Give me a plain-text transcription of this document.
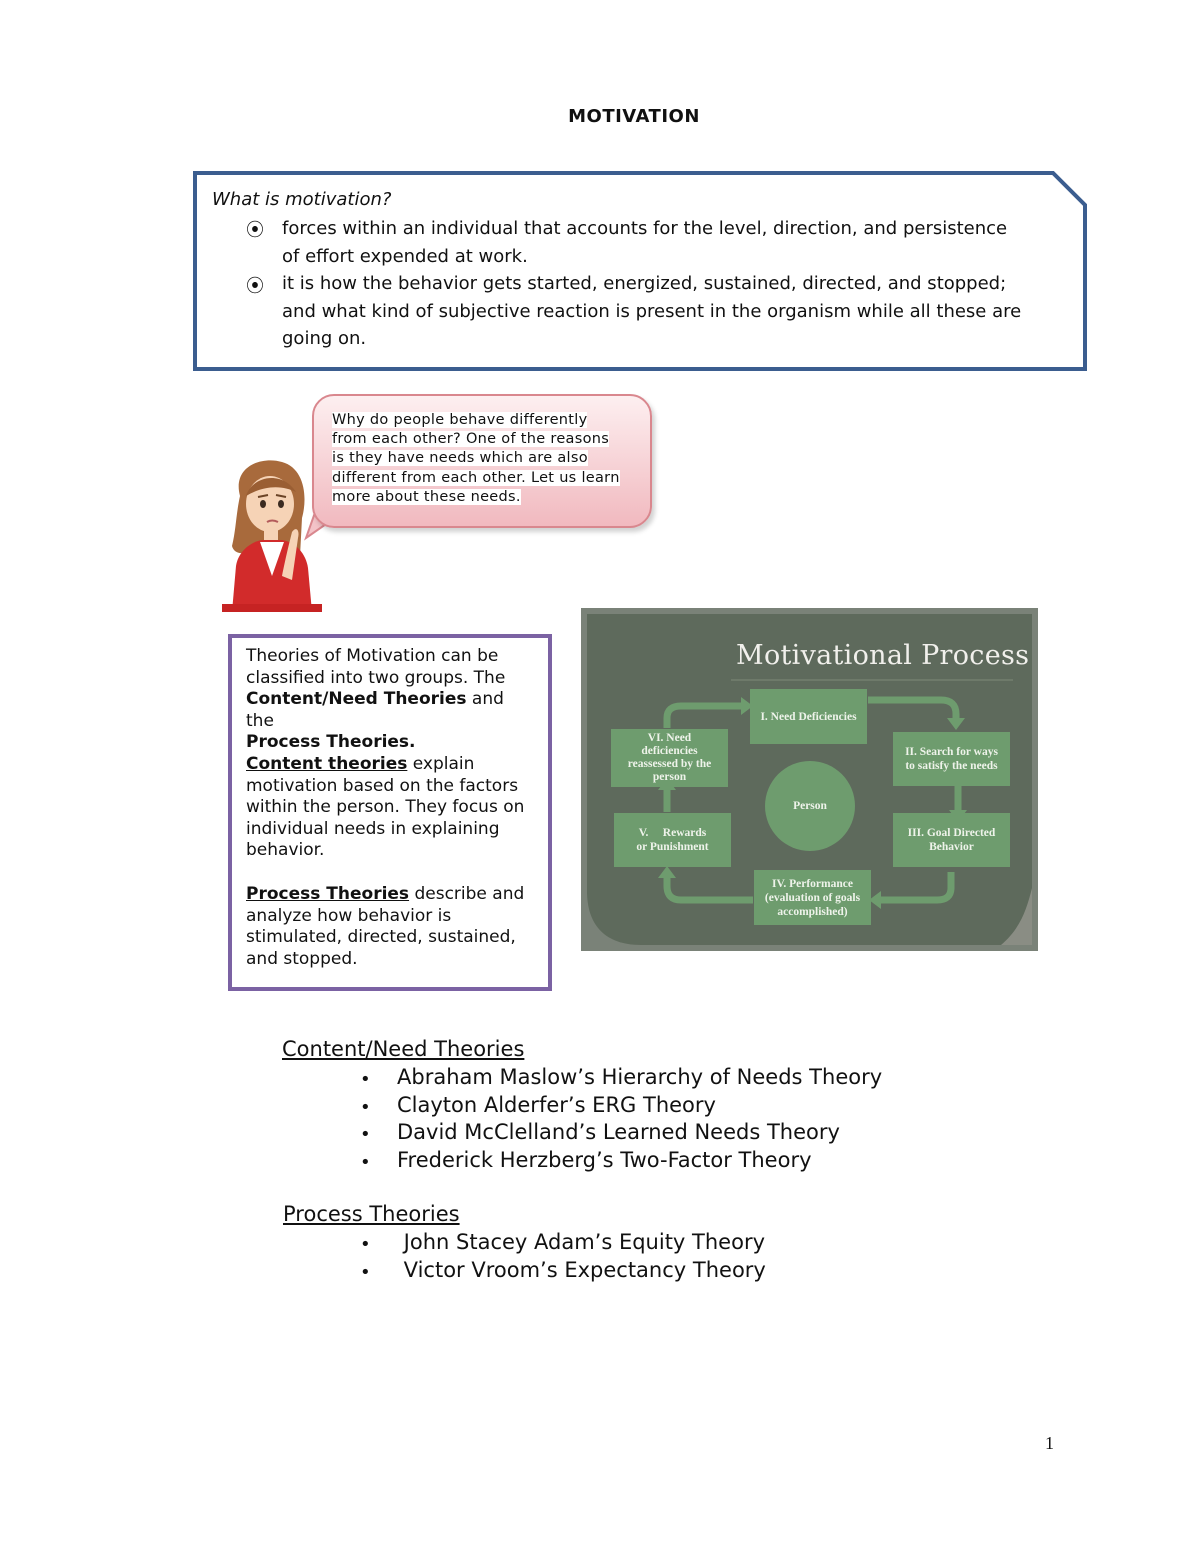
MOTIVATION
What is motivation?
⦿ forces within an individual that accounts for the level, direction, and persistence
of effort expended at work.
⦿ it is how the behavior gets started, energized, sustained, directed, and stopped;
and what kind of subjective reaction is present in the organism while all these are
going on.
Why do people behave differently
from each other? One of the reasons
is they have needs which are also
different from each other. Let us learn
more about these needs.
Theories of Motivation can be
classified into two groups. The
Content/Need Theories and the
Process Theories.
Content theories explain
motivation based on the factors
within the person. They focus on
individual needs in explaining
behavior.
Process Theories describe and
analyze how behavior is
stimulated, directed, sustained,
and stopped.
Motivational Process
I. Need Deficiencies
II. Search for ways
to satisfy the needs
III. Goal Directed
Behavior
IV. Performance
(evaluation of goals
accomplished)
V.     Rewards
or Punishment
VI. Need
deficiencies
reassessed by the
person
Person
Content/Need Theories
• Abraham Maslow’s Hierarchy of Needs Theory
• Clayton Alderfer’s ERG Theory
• David McClelland’s Learned Needs Theory
• Frederick Herzberg’s Two-Factor Theory
Process Theories
• John Stacey Adam’s Equity Theory
• Victor Vroom’s Expectancy Theory
1
